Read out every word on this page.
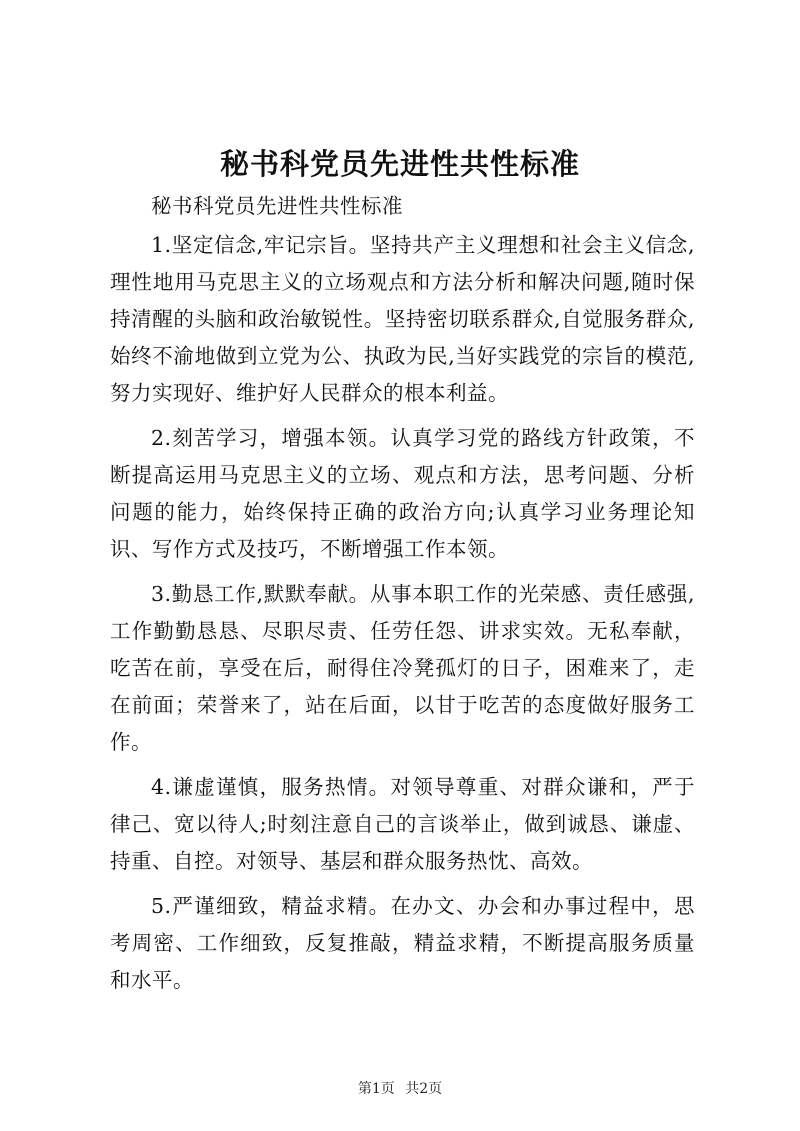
秘书科党员先进性共性标准

秘书科党员先进性共性标准

1.坚定信念,牢记宗旨。坚持共产主义理想和社会主义信念,理性地用马克思主义的立场观点和方法分析和解决问题,随时保持清醒的头脑和政治敏锐性。坚持密切联系群众,自觉服务群众,始终不渝地做到立党为公、执政为民,当好实践党的宗旨的模范,努力实现好、维护好人民群众的根本利益。

2.刻苦学习，增强本领。认真学习党的路线方针政策，不断提高运用马克思主义的立场、观点和方法，思考问题、分析问题的能力，始终保持正确的政治方向;认真学习业务理论知识、写作方式及技巧，不断增强工作本领。

3.勤恳工作,默默奉献。从事本职工作的光荣感、责任感强,工作勤勤恳恳、尽职尽责、任劳任怨、讲求实效。无私奉献，吃苦在前，享受在后，耐得住冷凳孤灯的日子，困难来了，走在前面；荣誉来了，站在后面，以甘于吃苦的态度做好服务工作。

4.谦虚谨慎，服务热情。对领导尊重、对群众谦和，严于律己、宽以待人;时刻注意自己的言谈举止，做到诚恳、谦虚、持重、自控。对领导、基层和群众服务热忱、高效。

5.严谨细致，精益求精。在办文、办会和办事过程中，思考周密、工作细致，反复推敲，精益求精，不断提高服务质量和水平。

第1页 共2页
